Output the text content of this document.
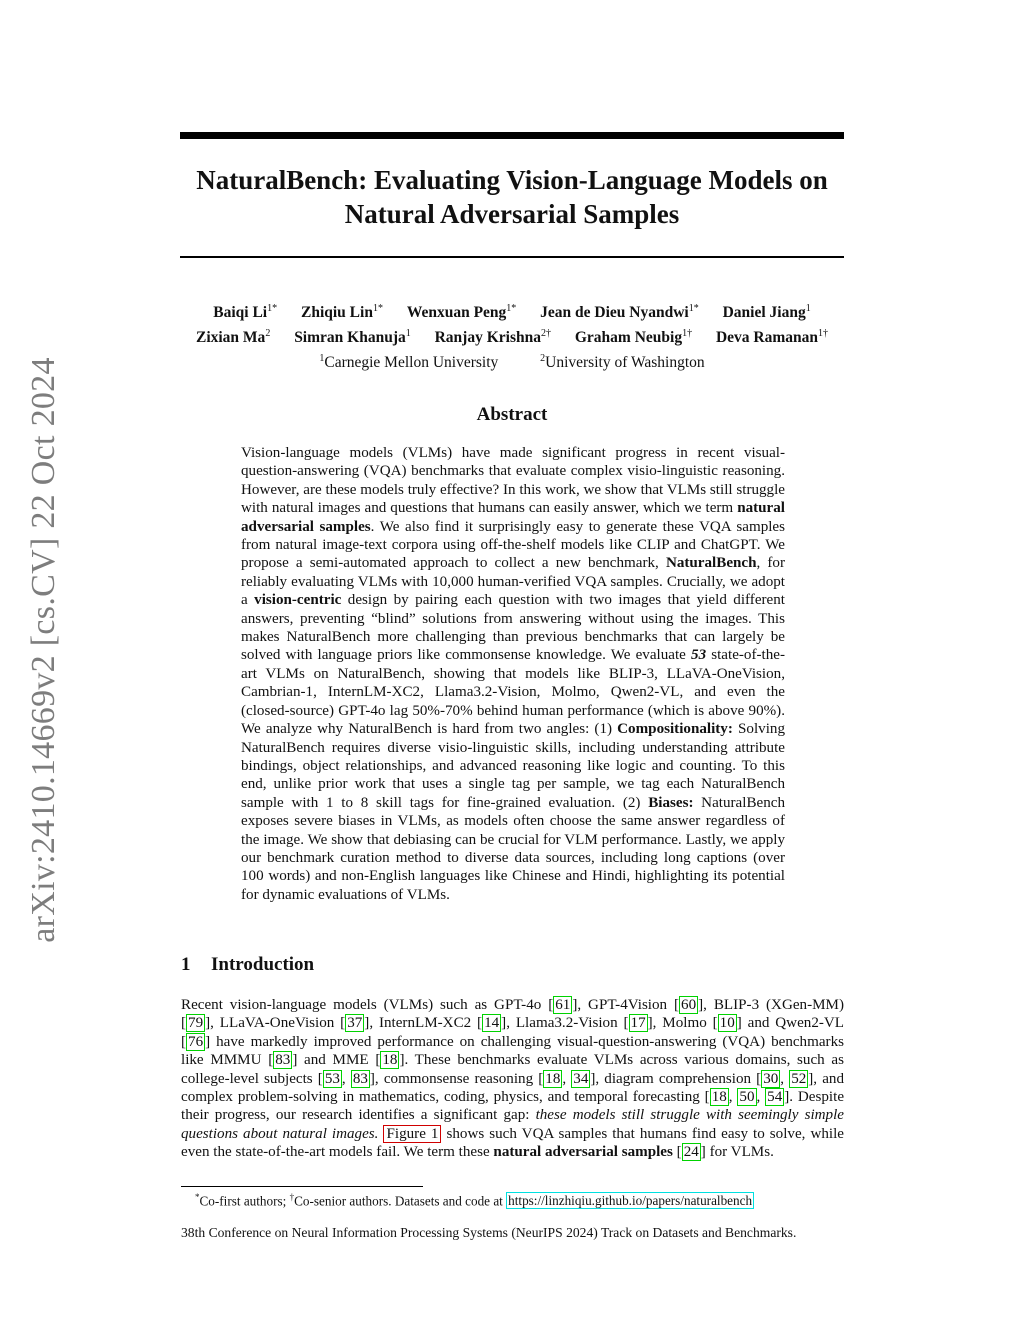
arXiv:2410.14669v2 [cs.CV] 22 Oct 2024
NaturalBench: Evaluating Vision-Language Models on
Natural Adversarial Samples
Baiqi $Li^{1*}$ Zhiqiu Lin$^{1*}$ Wenxuan Peng$^{1*}$ Jean de Dieu Nyandwi$^{1*}$ Daniel Jiang$^1$
Zixian Ma$^2$ Simran Khanuja$^1$ Ranjay Krishna$^{2\dagger}$ Graham Neubig$^{1\dagger}$ Deva Ramanan$^{1\dagger}$
$^1$Carnegie Mellon University	$^2$University of Washington
Abstract

Vision-language models (VLMs) have made significant progress in recent visual-question-answering (VQA) benchmarks that evaluate complex visio-linguistic reasoning. However, are these models truly effective? In this work, we show that VLMs still struggle with natural images and questions that humans can easily answer, which we term natural adversarial samples. We also find it surprisingly easy to generate these VQA samples from natural image-text corpora using off-the-shelf models like CLIP and ChatGPT. We propose a semi-automated approach to collect a new benchmark, NaturalBench, for reliably evaluating VLMs with 10,000 human-verified VQA samples. Crucially, we adopt a vision-centric design by pairing each question with two images that yield different answers, preventing “blind” solutions from answering without using the images. This makes NaturalBench more challenging than previous benchmarks that can largely be solved with language priors like commonsense knowledge. We evaluate 53 state-of-the-art VLMs on NaturalBench, showing that models like BLIP-3, LLaVA-OneVision, Cambrian-1, InternLM-XC2, Llama3.2-Vision, Molmo, Qwen2-VL, and even the (closed-source) GPT-4o lag 50%-70% behind human performance (which is above 90%). We analyze why NaturalBench is hard from two angles: (1) Compositionality: Solving NaturalBench requires diverse visio-linguistic skills, including understanding attribute bindings, object relationships, and advanced reasoning like logic and counting. To this end, unlike prior work that uses a single tag per sample, we tag each NaturalBench sample with 1 to 8 skill tags for fine-grained evaluation. (2) Biases: NaturalBench exposes severe biases in VLMs, as models often choose the same answer regardless of the image. We show that debiasing can be crucial for VLM performance. Lastly, we apply our benchmark curation method to diverse data sources, including long captions (over 100 words) and non-English languages like Chinese and Hindi, highlighting its potential for dynamic evaluations of VLMs.

1 Introduction

Recent vision-language models (VLMs) such as GPT-4o [ 61 ], GPT-4Vision [ 60 ], BLIP-3 (XGen-MM) [ 79 ], LLaVA-OneVision [ 37 ], InternLM-XC2 [ 14 ], Llama3.2-Vision [ 17 ], Molmo [ 10 ] and Qwen2-VL [ 76 ] have markedly improved performance on challenging visual-question-answering (VQA) benchmarks like MMMU [ 83 ] and MME [ 18 ]. These benchmarks evaluate VLMs across various domains, such as college-level subjects [ 53 , 83 ], commonsense reasoning [ 18 , 34 ], diagram comprehension [ 30 , 52 ], and complex problem-solving in mathematics, coding, physics, and temporal forecasting [ 18 , 50 , 54 ]. Despite their progress, our research identifies a significant gap: these models still struggle with seemingly simple questions about natural images. Figure 1 shows such VQA samples that humans find easy to solve, while even the state-of-the-art models fail. We term these natural adversarial samples [ 24 ] for VLMs.

*Co-first authors; †Co-senior authors. Datasets and code at https://linzhiqiu.github.io/papers/naturalbench
38th Conference on Neural Information Processing Systems (NeurIPS 2024) Track on Datasets and Benchmarks.
